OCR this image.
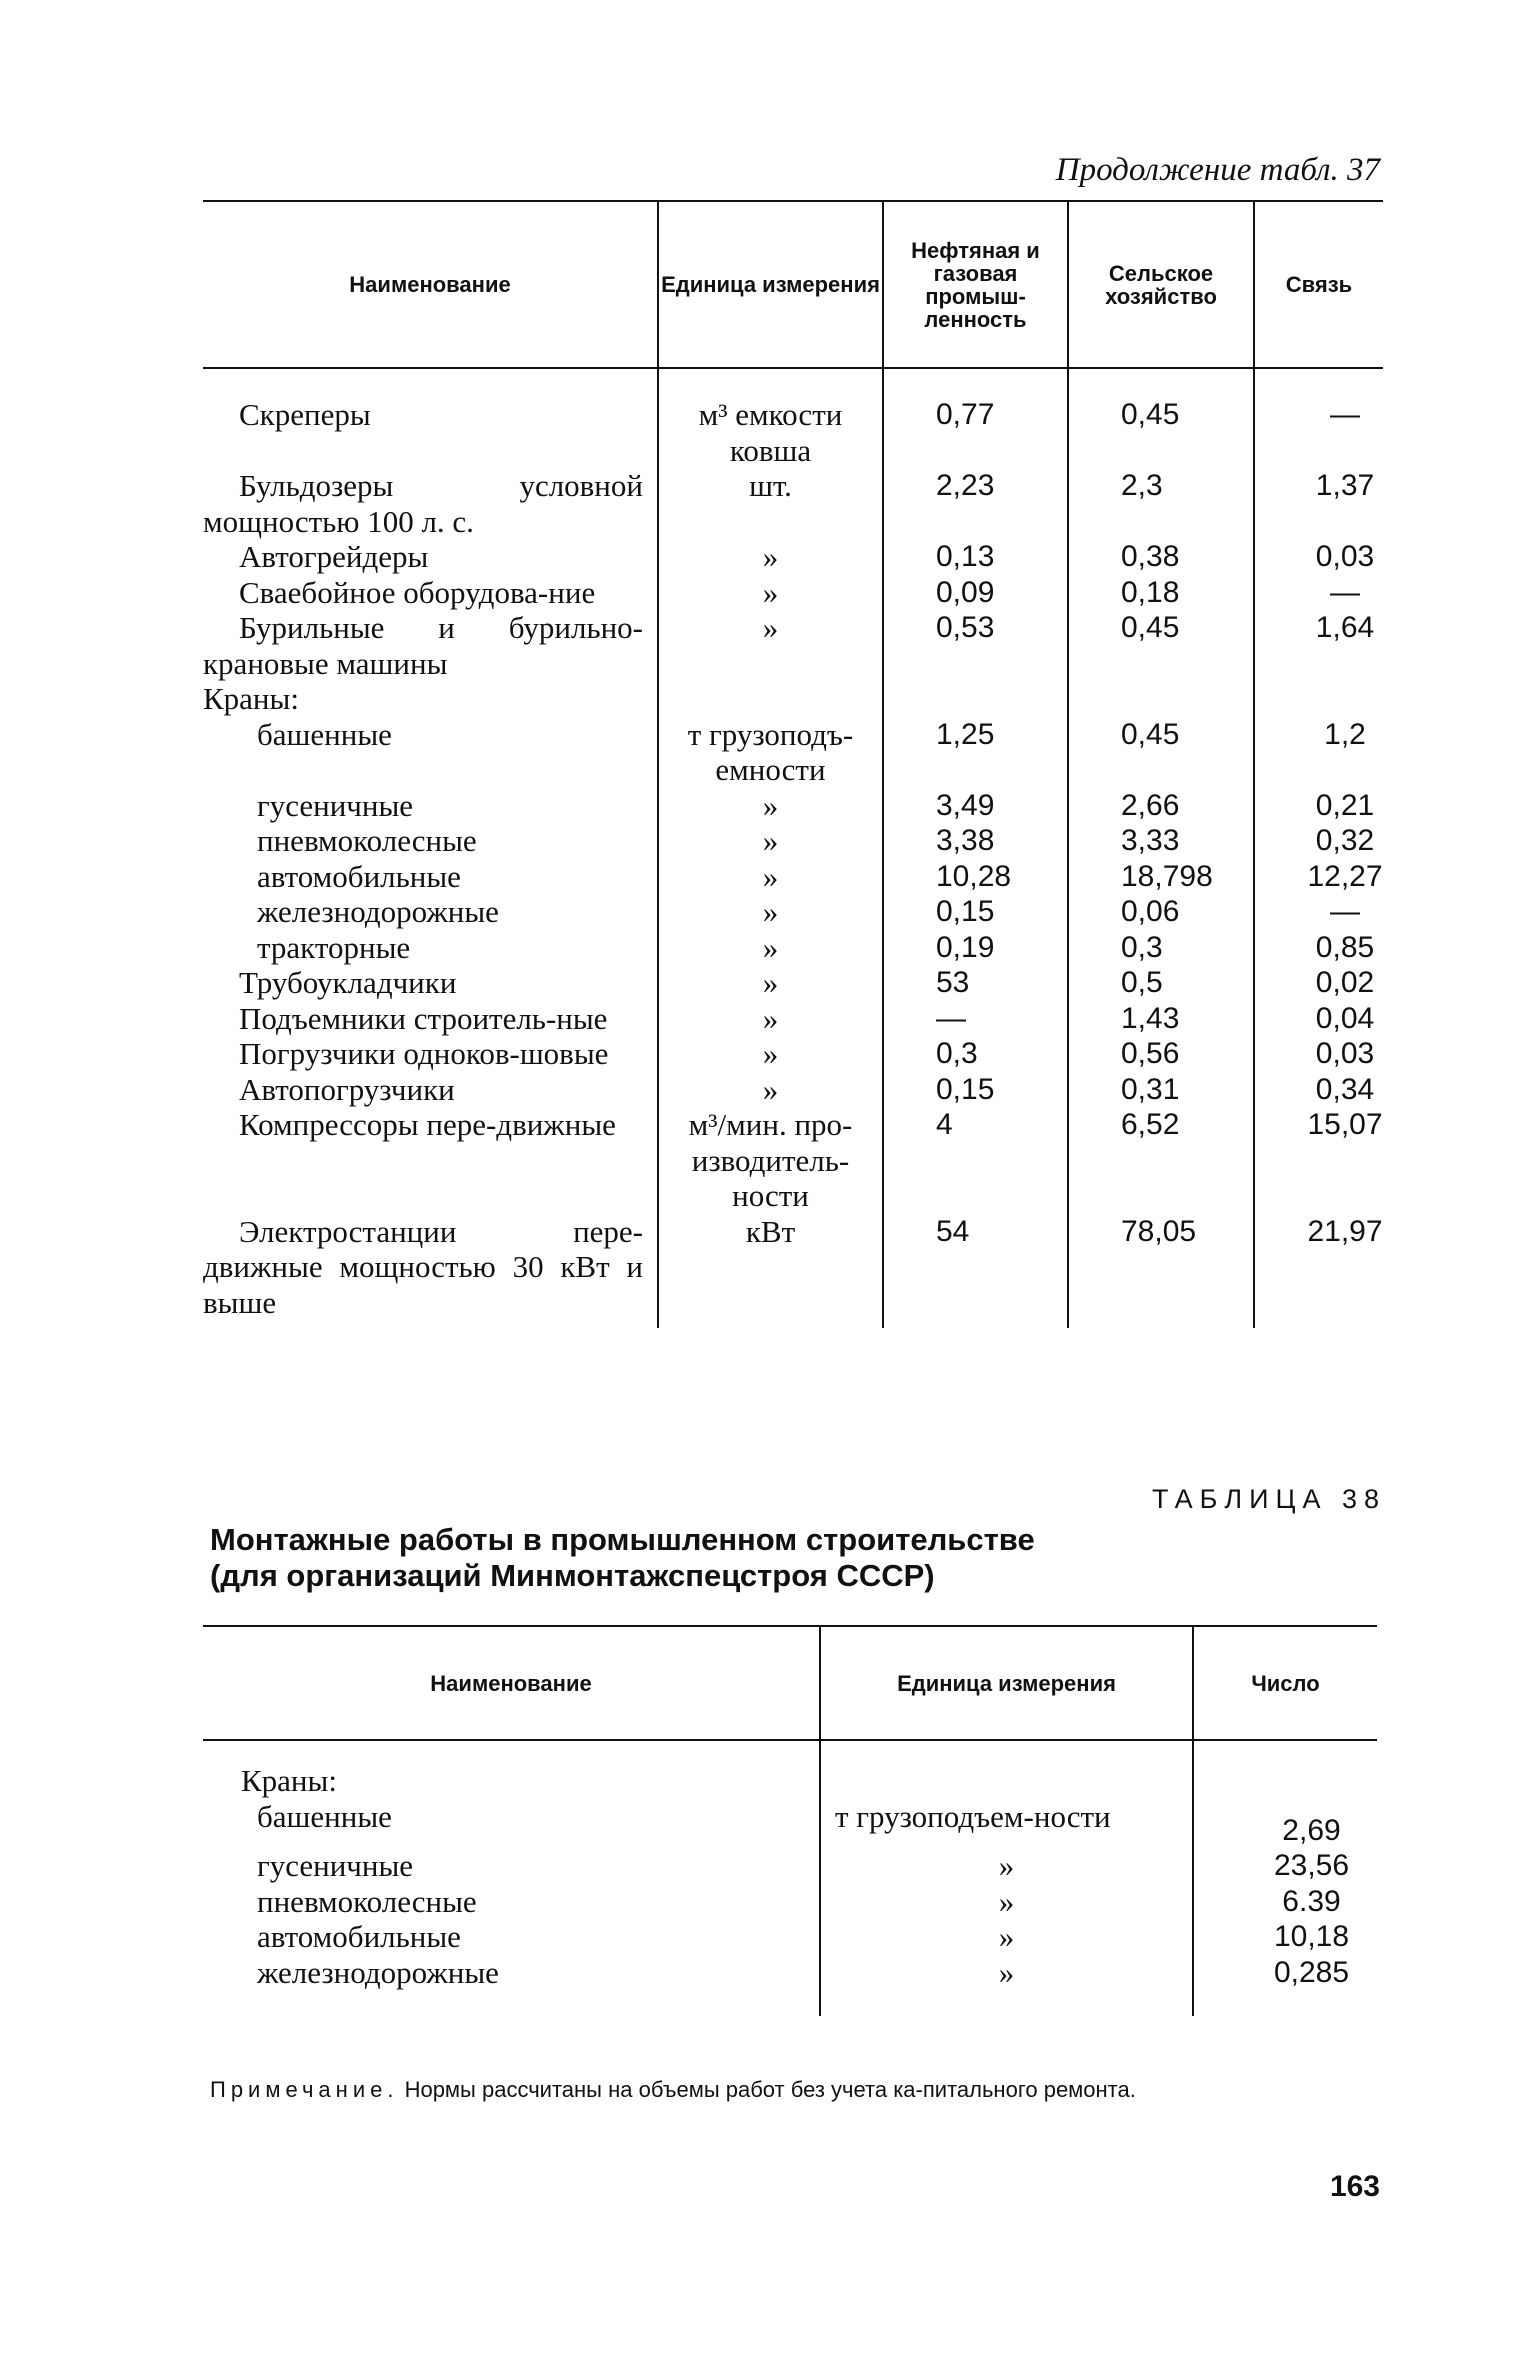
Продолжение табл. 37
Наименование	Единица измерения	Нефтяная и газовая промыш-ленность	Сельское хозяйство	Связь
Скреперы	м³ емкости ковша	0,77	0,45	—
Бульдозеры условной мощностью 100 л. с.	шт.	2,23	2,3	1,37
Автогрейдеры	»	0,13	0,38	0,03
Сваебойное оборудова-ние	»	0,09	0,18	—
Бурильные и бурильно-крановые машины	»	0,53	0,45	1,64
Краны:				
башенные	т грузоподъ-емности	1,25	0,45	1,2
гусеничные	»	3,49	2,66	0,21
пневмоколесные	»	3,38	3,33	0,32
автомобильные	»	10,28	18,798	12,27
железнодорожные	»	0,15	0,06	—
тракторные	»	0,19	0,3	0,85
Трубоукладчики	»	53	0,5	0,02
Подъемники строитель-ные	»	—	1,43	0,04
Погрузчики одноков-шовые	»	0,3	0,56	0,03
Автопогрузчики	»	0,15	0,31	0,34
Компрессоры пере-движные	м³/мин. про-изводитель-ности	4	6,52	15,07
Электростанции пере-движные мощностью 30 кВт и выше	кВт	54	78,05	21,97
ТАБЛИЦА 38
Монтажные работы в промышленном строительстве
(для организаций Минмонтажспецстроя СССР)
Наименование	Единица измерения	Число
Краны:		
башенные	т грузоподъем-ности	2,69
гусеничные	»	23,56
пневмоколесные	»	6.39
автомобильные	»	10,18
железнодорожные	»	0,285
Примечание. Нормы рассчитаны на объемы работ без учета ка-питального ремонта.
163
